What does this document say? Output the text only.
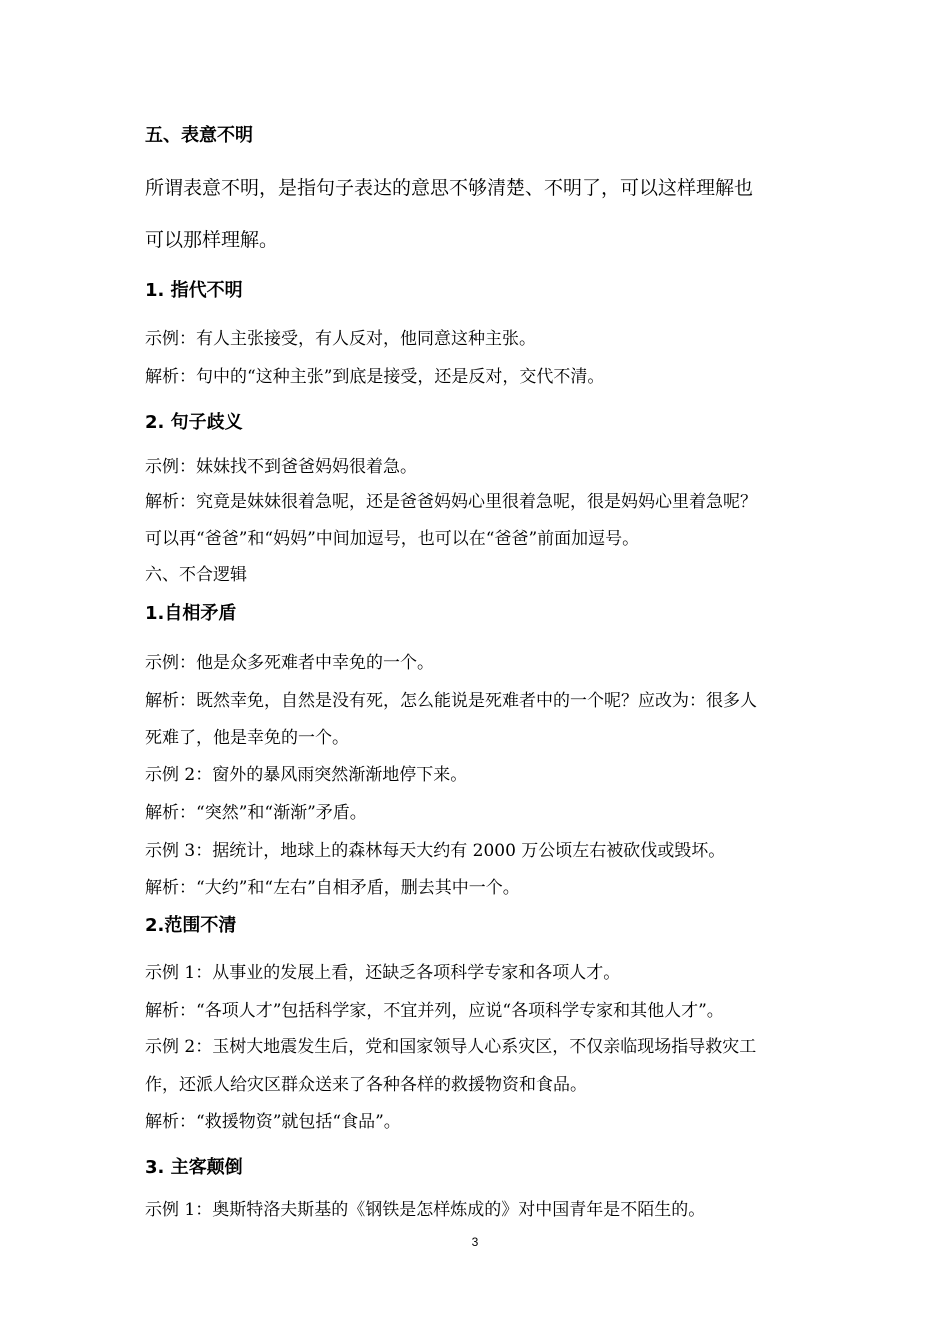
五、表意不明
所谓表意不明，是指句子表达的意思不够清楚、不明了，可以这样理解也
可以那样理解。
1. 指代不明
示例：有人主张接受，有人反对，他同意这种主张。
解析：句中的“这种主张”到底是接受，还是反对，交代不清。
2. 句子歧义
示例：妹妹找不到爸爸妈妈很着急。
解析：究竟是妹妹很着急呢，还是爸爸妈妈心里很着急呢，很是妈妈心里着急呢？
可以再“爸爸”和“妈妈”中间加逗号，也可以在“爸爸”前面加逗号。
六、不合逻辑
1.自相矛盾
示例：他是众多死难者中幸免的一个。
解析：既然幸免，自然是没有死，怎么能说是死难者中的一个呢？应改为：很多人
死难了，他是幸免的一个。
示例 2：窗外的暴风雨突然渐渐地停下来。
解析：“突然”和“渐渐”矛盾。
示例 3：据统计，地球上的森林每天大约有 2000 万公顷左右被砍伐或毁坏。
解析：“大约”和“左右”自相矛盾，删去其中一个。
2.范围不清
示例 1：从事业的发展上看，还缺乏各项科学专家和各项人才。
解析：“各项人才”包括科学家，不宜并列，应说“各项科学专家和其他人才”。
示例 2：玉树大地震发生后，党和国家领导人心系灾区，不仅亲临现场指导救灾工
作，还派人给灾区群众送来了各种各样的救援物资和食品。
解析：“救援物资”就包括“食品”。
3. 主客颠倒
示例 1：奥斯特洛夫斯基的《钢铁是怎样炼成的》对中国青年是不陌生的。
3
